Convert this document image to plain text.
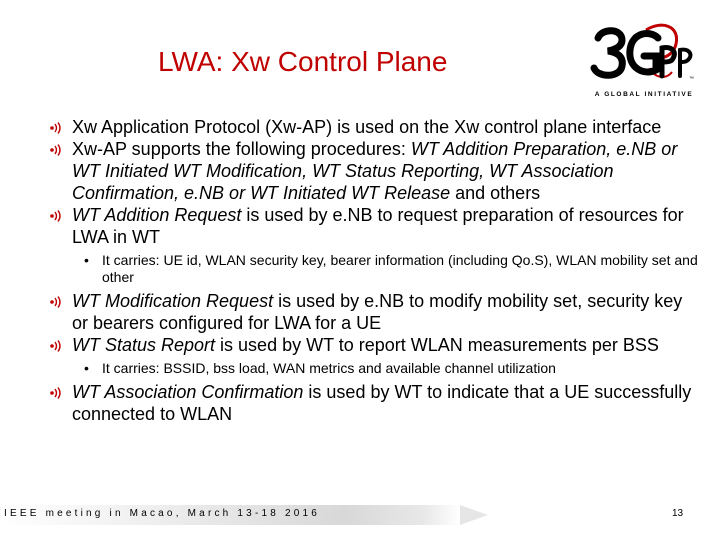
LWA: Xw Control Plane
™
A GLOBAL INITIATIVE
Xw Application Protocol (Xw-AP) is used on the Xw control plane interface
Xw-AP supports the following procedures: WT Addition Preparation, e.NB or WT Initiated WT Modification, WT Status Reporting, WT Association Confirmation, e.NB or WT Initiated WT Release and others
WT Addition Request is used by e.NB to request preparation of resources for LWA in WT
• It carries: UE id, WLAN security key, bearer information (including Qo.S), WLAN mobility set and other
WT Modification Request is used by e.NB to modify mobility set, security key or bearers configured for LWA for a UE
WT Status Report is used by WT to report WLAN measurements per BSS
• It carries: BSSID, bss load, WAN metrics and available channel utilization
WT Association Confirmation is used by WT to indicate that a UE successfully connected to WLAN
IEEE meeting in Macao, March 13-18 2016	13
